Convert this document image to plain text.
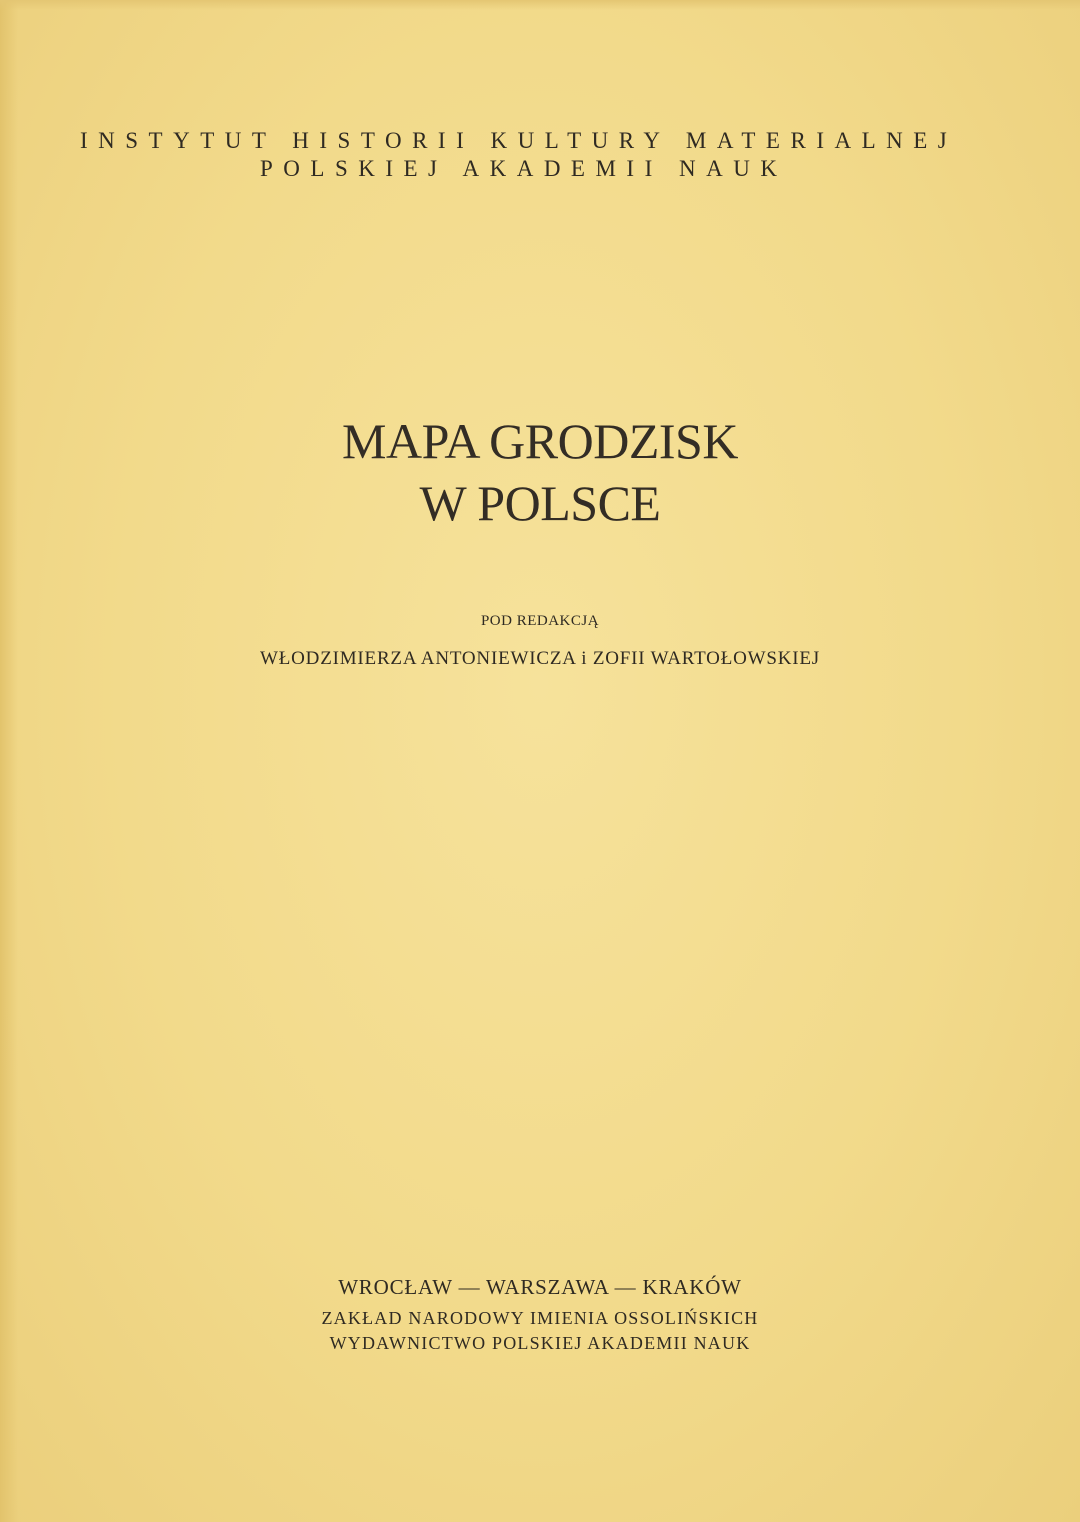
INSTYTUT HISTORII KULTURY MATERIALNEJ
POLSKIEJ AKADEMII NAUK
MAPA GRODZISK
W POLSCE
POD REDAKCJĄ
WŁODZIMIERZA ANTONIEWICZA i ZOFII WARTOŁOWSKIEJ
WROCŁAW — WARSZAWA — KRAKÓW
ZAKŁAD NARODOWY IMIENIA OSSOLIŃSKICH
WYDAWNICTWO POLSKIEJ AKADEMII NAUK
